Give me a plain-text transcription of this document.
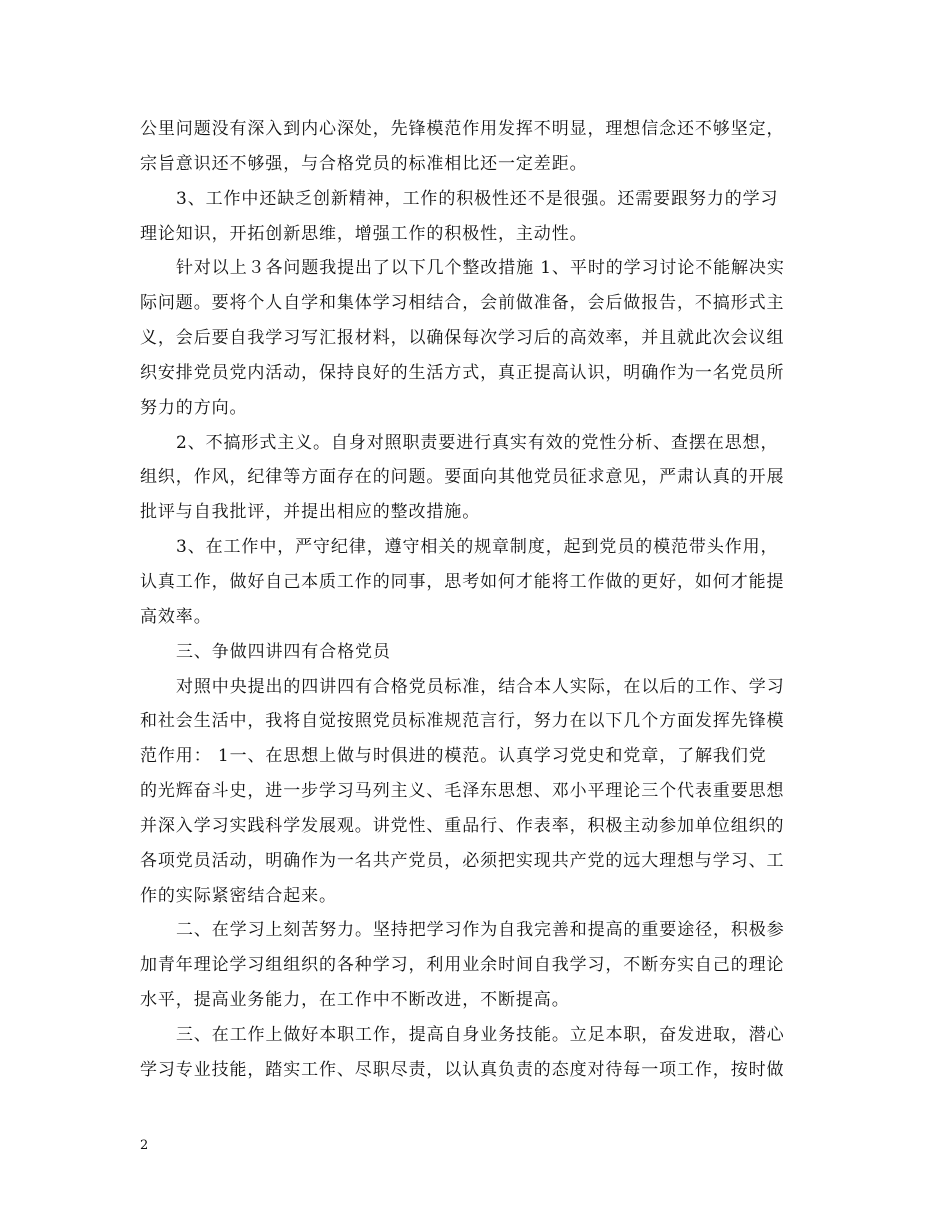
公里问题没有深入到内心深处，先锋模范作用发挥不明显，理想信念还不够坚定，
宗旨意识还不够强，与合格党员的标准相比还一定差距。
3、工作中还缺乏创新精神，工作的积极性还不是很强。还需要跟努力的学习
理论知识，开拓创新思维，增强工作的积极性，主动性。
针对以上３各问题我提出了以下几个整改措施 1、平时的学习讨论不能解决实
际问题。要将个人自学和集体学习相结合，会前做准备，会后做报告，不搞形式主
义，会后要自我学习写汇报材料，以确保每次学习后的高效率，并且就此次会议组
织安排党员党内活动，保持良好的生活方式，真正提高认识，明确作为一名党员所
努力的方向。
2、不搞形式主义。自身对照职责要进行真实有效的党性分析、查摆在思想，
组织，作风，纪律等方面存在的问题。要面向其他党员征求意见，严肃认真的开展
批评与自我批评，并提出相应的整改措施。
3、在工作中，严守纪律，遵守相关的规章制度，起到党员的模范带头作用，
认真工作，做好自己本质工作的同事，思考如何才能将工作做的更好，如何才能提
高效率。
三、争做四讲四有合格党员
对照中央提出的四讲四有合格党员标准，结合本人实际，在以后的工作、学习
和社会生活中，我将自觉按照党员标准规范言行，努力在以下几个方面发挥先锋模
范作用： 1一、在思想上做与时俱进的模范。认真学习党史和党章，了解我们党
的光辉奋斗史，进一步学习马列主义、毛泽东思想、邓小平理论三个代表重要思想
并深入学习实践科学发展观。讲党性、重品行、作表率，积极主动参加单位组织的
各项党员活动，明确作为一名共产党员，必须把实现共产党的远大理想与学习、工
作的实际紧密结合起来。
二、在学习上刻苦努力。坚持把学习作为自我完善和提高的重要途径，积极参
加青年理论学习组组织的各种学习，利用业余时间自我学习，不断夯实自己的理论
水平，提高业务能力，在工作中不断改进，不断提高。
三、在工作上做好本职工作，提高自身业务技能。立足本职，奋发进取，潜心
学习专业技能，踏实工作、尽职尽责，以认真负责的态度对待每一项工作，按时做
2
